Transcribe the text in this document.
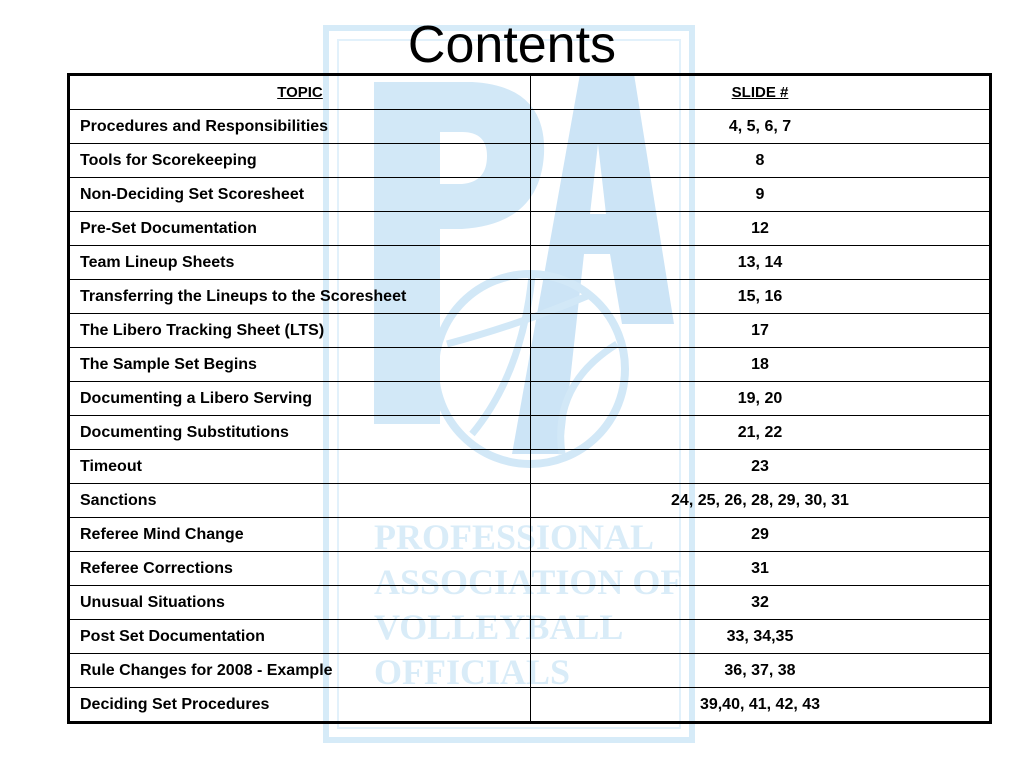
PROFESSIONAL
ASSOCIATION OF
VOLLEYBALL
OFFICIALS
Contents
TOPIC	SLIDE #
Procedures and Responsibilities	4, 5, 6, 7
Tools for Scorekeeping	8
Non-Deciding Set Scoresheet	9
Pre-Set Documentation	12
Team Lineup Sheets	13, 14
Transferring the Lineups to the Scoresheet	15, 16
The Libero Tracking Sheet (LTS)	17
The Sample Set Begins	18
Documenting a Libero Serving	19, 20
Documenting Substitutions	21, 22
Timeout	23
Sanctions	24, 25, 26, 28, 29, 30, 31
Referee Mind Change	29
Referee Corrections	31
Unusual Situations	32
Post Set Documentation	33, 34,35
Rule Changes for 2008 - Example	36, 37, 38
Deciding Set Procedures	39,40, 41, 42, 43
